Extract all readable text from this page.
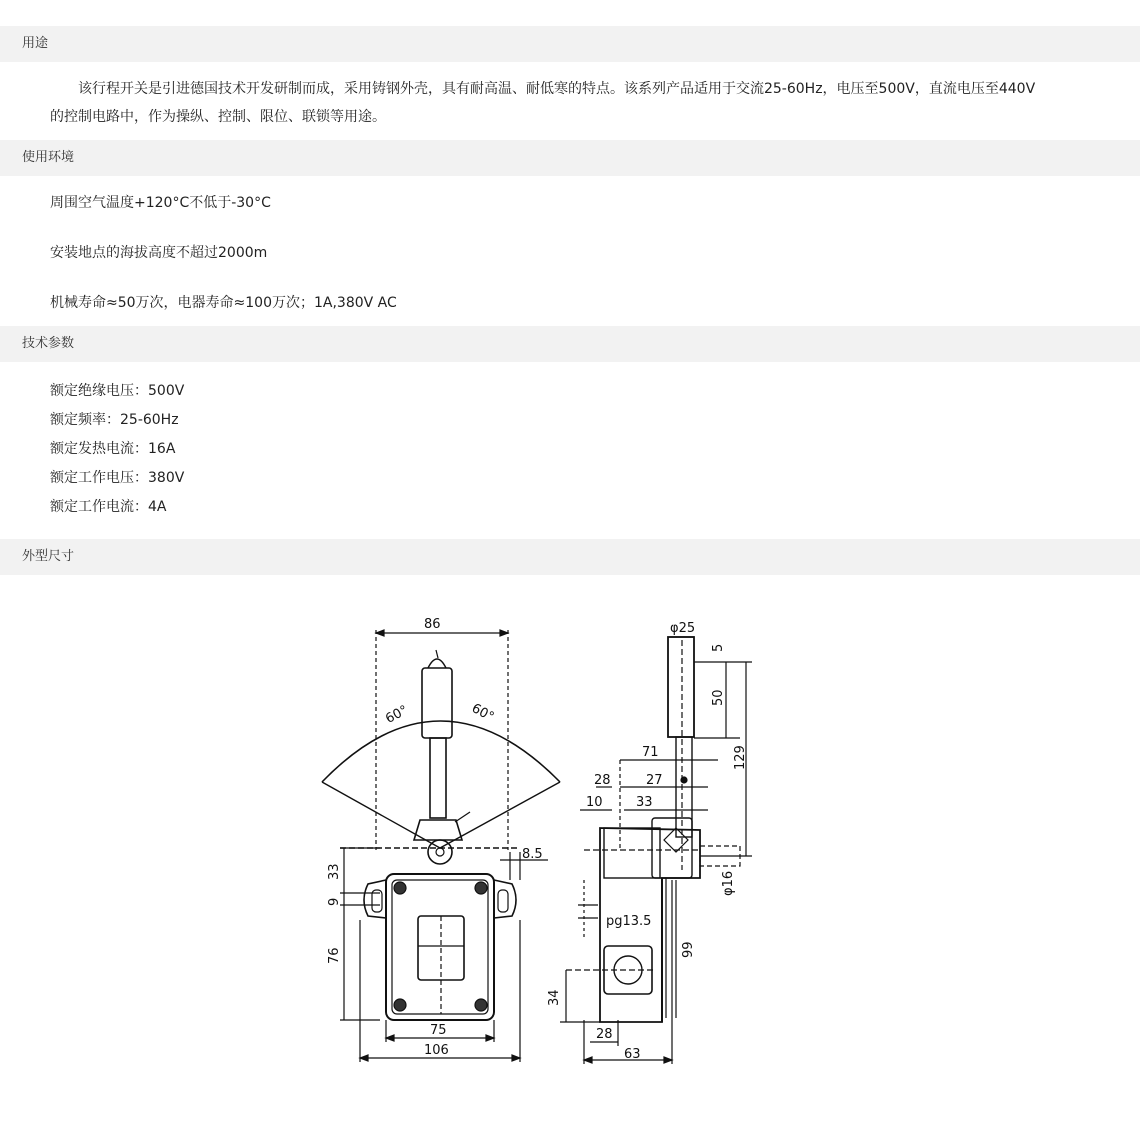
用途
该行程开关是引进德国技术开发研制而成，采用铸钢外壳，具有耐高温、耐低寒的特点。该系列产品适用于交流25-60Hz，电压至500V，直流电压至440V
的控制电路中，作为操纵、控制、限位、联锁等用途。
使用环境
周围空气温度+120°C不低于-30°C
安装地点的海拔高度不超过2000m
机械寿命≈50万次，电器寿命≈100万次；1A,380V AC
技术参数
额定绝缘电压：500V
额定频率：25-60Hz
额定发热电流：16A
额定工作电压：380V
额定工作电流：4A
外型尺寸
86
60°	60°
8.5
33
9
76
75
106
φ25
5
50
129
71
28	27
10	33
φ16
pg13.5
99
34
28
63
